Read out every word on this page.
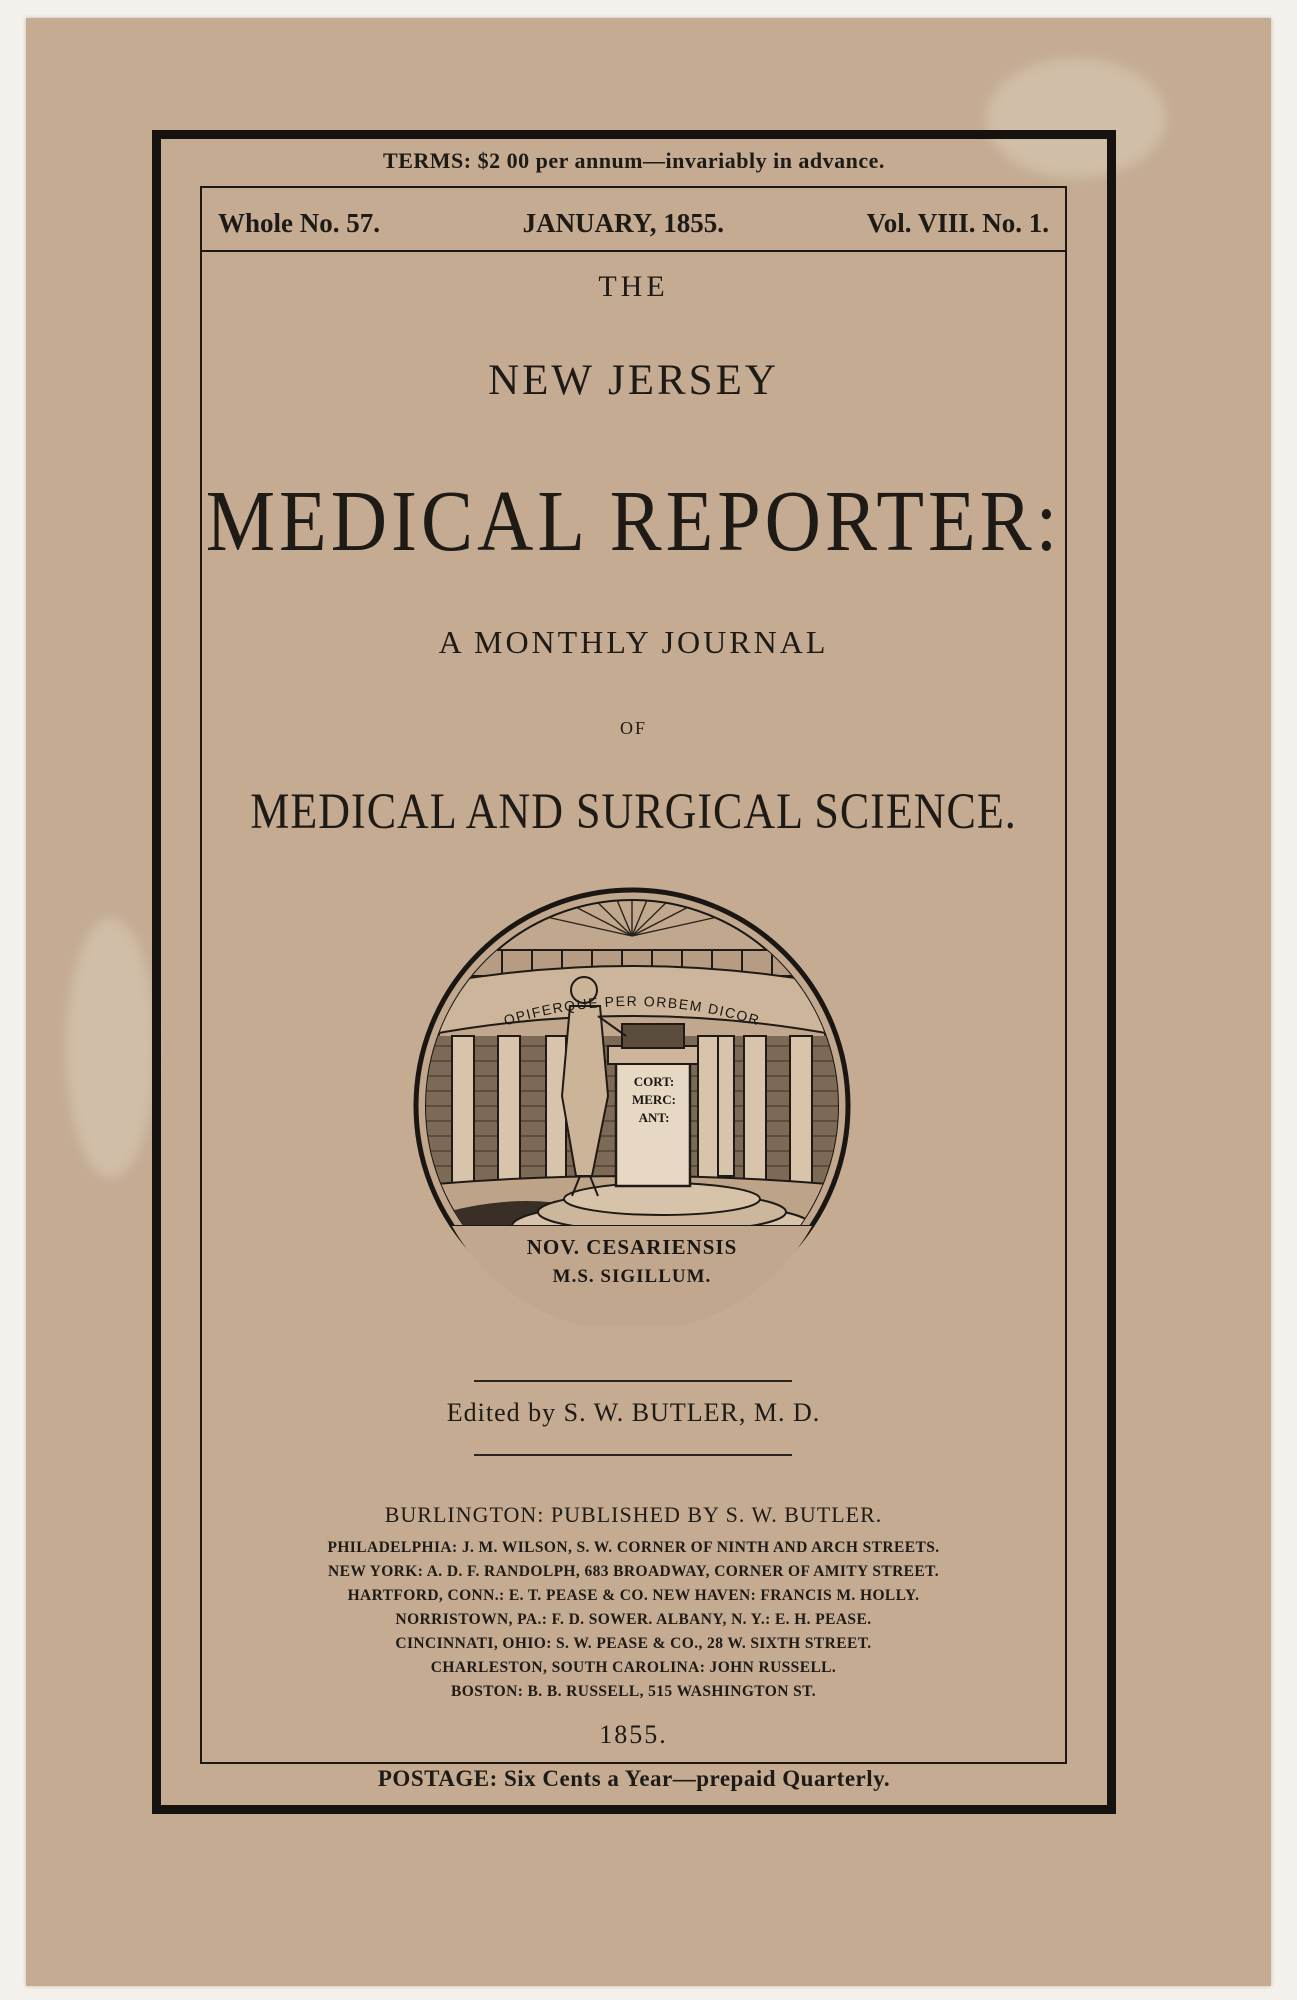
TERMS: $2 00 per annum—invariably in advance.
Whole No. 57.	JANUARY, 1855.	Vol. VIII. No. 1.
THE
NEW JERSEY
MEDICAL REPORTER:
A MONTHLY JOURNAL
OF
MEDICAL AND SURGICAL SCIENCE.
OPIFERQUE PER ORBEM DICOR
CORT:
MERC:
ANT:
NOV. CESARIENSIS
M.S. SIGILLUM.
Edited by S. W. BUTLER, M. D.
BURLINGTON: PUBLISHED BY S. W. BUTLER.
PHILADELPHIA: J. M. WILSON, S. W. CORNER OF NINTH AND ARCH STREETS.
NEW YORK: A. D. F. RANDOLPH, 683 BROADWAY, CORNER OF AMITY STREET.
HARTFORD, CONN.: E. T. PEASE & CO. NEW HAVEN: FRANCIS M. HOLLY.
NORRISTOWN, PA.: F. D. SOWER. ALBANY, N. Y.: E. H. PEASE.
CINCINNATI, OHIO: S. W. PEASE & CO., 28 W. SIXTH STREET.
CHARLESTON, SOUTH CAROLINA: JOHN RUSSELL.
BOSTON: B. B. RUSSELL, 515 WASHINGTON ST.
1855.
POSTAGE: Six Cents a Year—prepaid Quarterly.
